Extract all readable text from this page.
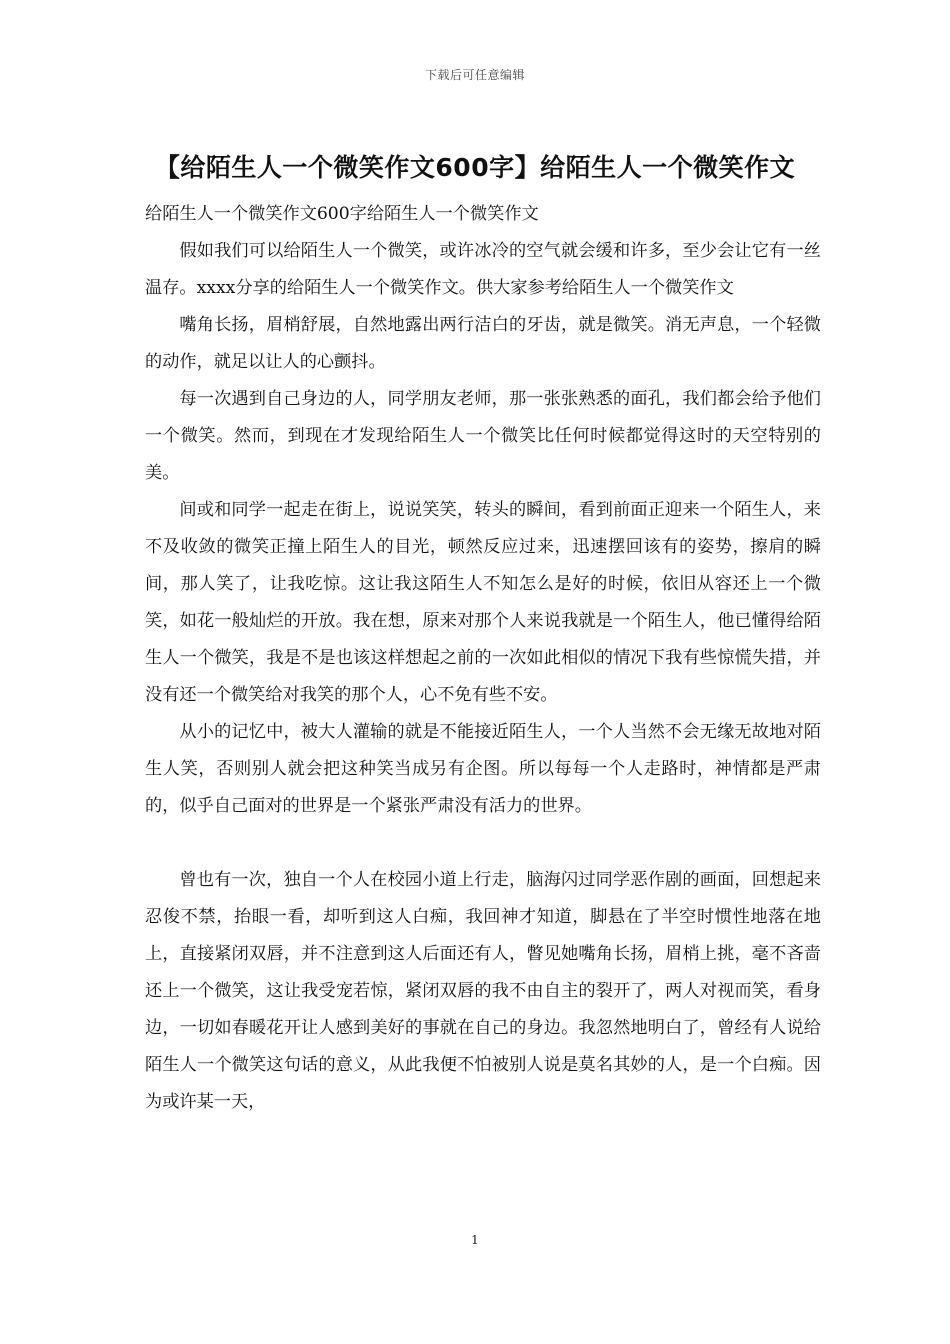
下载后可任意编辑
【给陌生人一个微笑作文600字】给陌生人一个微笑作文

给陌生人一个微笑作文600字给陌生人一个微笑作文

假如我们可以给陌生人一个微笑，或许冰冷的空气就会缓和许多，至少会让它有一丝温存。xxxx分享的给陌生人一个微笑作文。供大家参考给陌生人一个微笑作文

嘴角长扬，眉梢舒展，自然地露出两行洁白的牙齿，就是微笑。消无声息，一个轻微的动作，就足以让人的心颤抖。

每一次遇到自己身边的人，同学朋友老师，那一张张熟悉的面孔，我们都会给予他们一个微笑。然而，到现在才发现给陌生人一个微笑比任何时候都觉得这时的天空特别的美。

间或和同学一起走在街上，说说笑笑，转头的瞬间，看到前面正迎来一个陌生人，来不及收敛的微笑正撞上陌生人的目光，顿然反应过来，迅速摆回该有的姿势，擦肩的瞬间，那人笑了，让我吃惊。这让我这陌生人不知怎么是好的时候，依旧从容还上一个微笑，如花一般灿烂的开放。我在想，原来对那个人来说我就是一个陌生人，他已懂得给陌生人一个微笑，我是不是也该这样想起之前的一次如此相似的情况下我有些惊慌失措，并没有还一个微笑给对我笑的那个人，心不免有些不安。

从小的记忆中，被大人灌输的就是不能接近陌生人，一个人当然不会无缘无故地对陌生人笑，否则别人就会把这种笑当成另有企图。所以每每一个人走路时，神情都是严肃的，似乎自己面对的世界是一个紧张严肃没有活力的世界。

曾也有一次，独自一个人在校园小道上行走，脑海闪过同学恶作剧的画面，回想起来忍俊不禁，抬眼一看，却听到这人白痴，我回神才知道，脚悬在了半空时惯性地落在地上，直接紧闭双唇，并不注意到这人后面还有人，瞥见她嘴角长扬，眉梢上挑，毫不吝啬还上一个微笑，这让我受宠若惊，紧闭双唇的我不由自主的裂开了，两人对视而笑，看身边，一切如春暖花开让人感到美好的事就在自己的身边。我忽然地明白了，曾经有人说给陌生人一个微笑这句话的意义，从此我便不怕被别人说是莫名其妙的人，是一个白痴。因为或许某一天，

1
